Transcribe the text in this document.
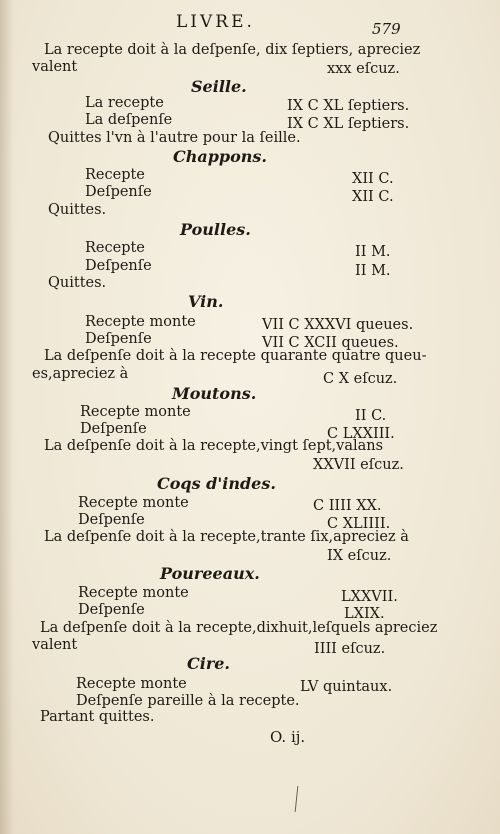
LIVRE.	579
La recepte doit à la deſpenſe, dix ſeptiers, apreciez
valent	xxx eſcuz.
Seille.
La recepte	IX C XL ſeptiers.
La deſpenſe	IX C XL ſeptiers.
Quittes l'vn à l'autre pour la ſeille.
Chappons.
Recepte	XII C.
Deſpenſe	XII C.
Quittes.
Poulles.
Recepte	II M.
Deſpenſe	II M.
Quittes.
Vin.
Recepte monte	VII C XXXVI queues.
Deſpenſe	VII C XCII queues.
La deſpenſe doit à la recepte quarante quatre queu-
es,apreciez à	C X eſcuz.
Moutons.
Recepte monte	II C.
Deſpenſe	C LXXIII.
La deſpenſe doit à la recepte,vingt ſept,valans
XXVII eſcuz.
Coqs d'indes.
Recepte monte	C IIII XX.
Deſpenſe	C XLIIII.
La deſpenſe doit à la recepte,trante ſix,apreciez à
IX eſcuz.
Poureeaux.
Recepte monte	LXXVII.
Deſpenſe	LXIX.
La deſpenſe doit à la recepte,dixhuit,leſquels apreciez
valent	IIII eſcuz.
Cire.
Recepte monte	LV quintaux.
Deſpenſe pareille à la recepte.
Partant quittes.
O. ij.
